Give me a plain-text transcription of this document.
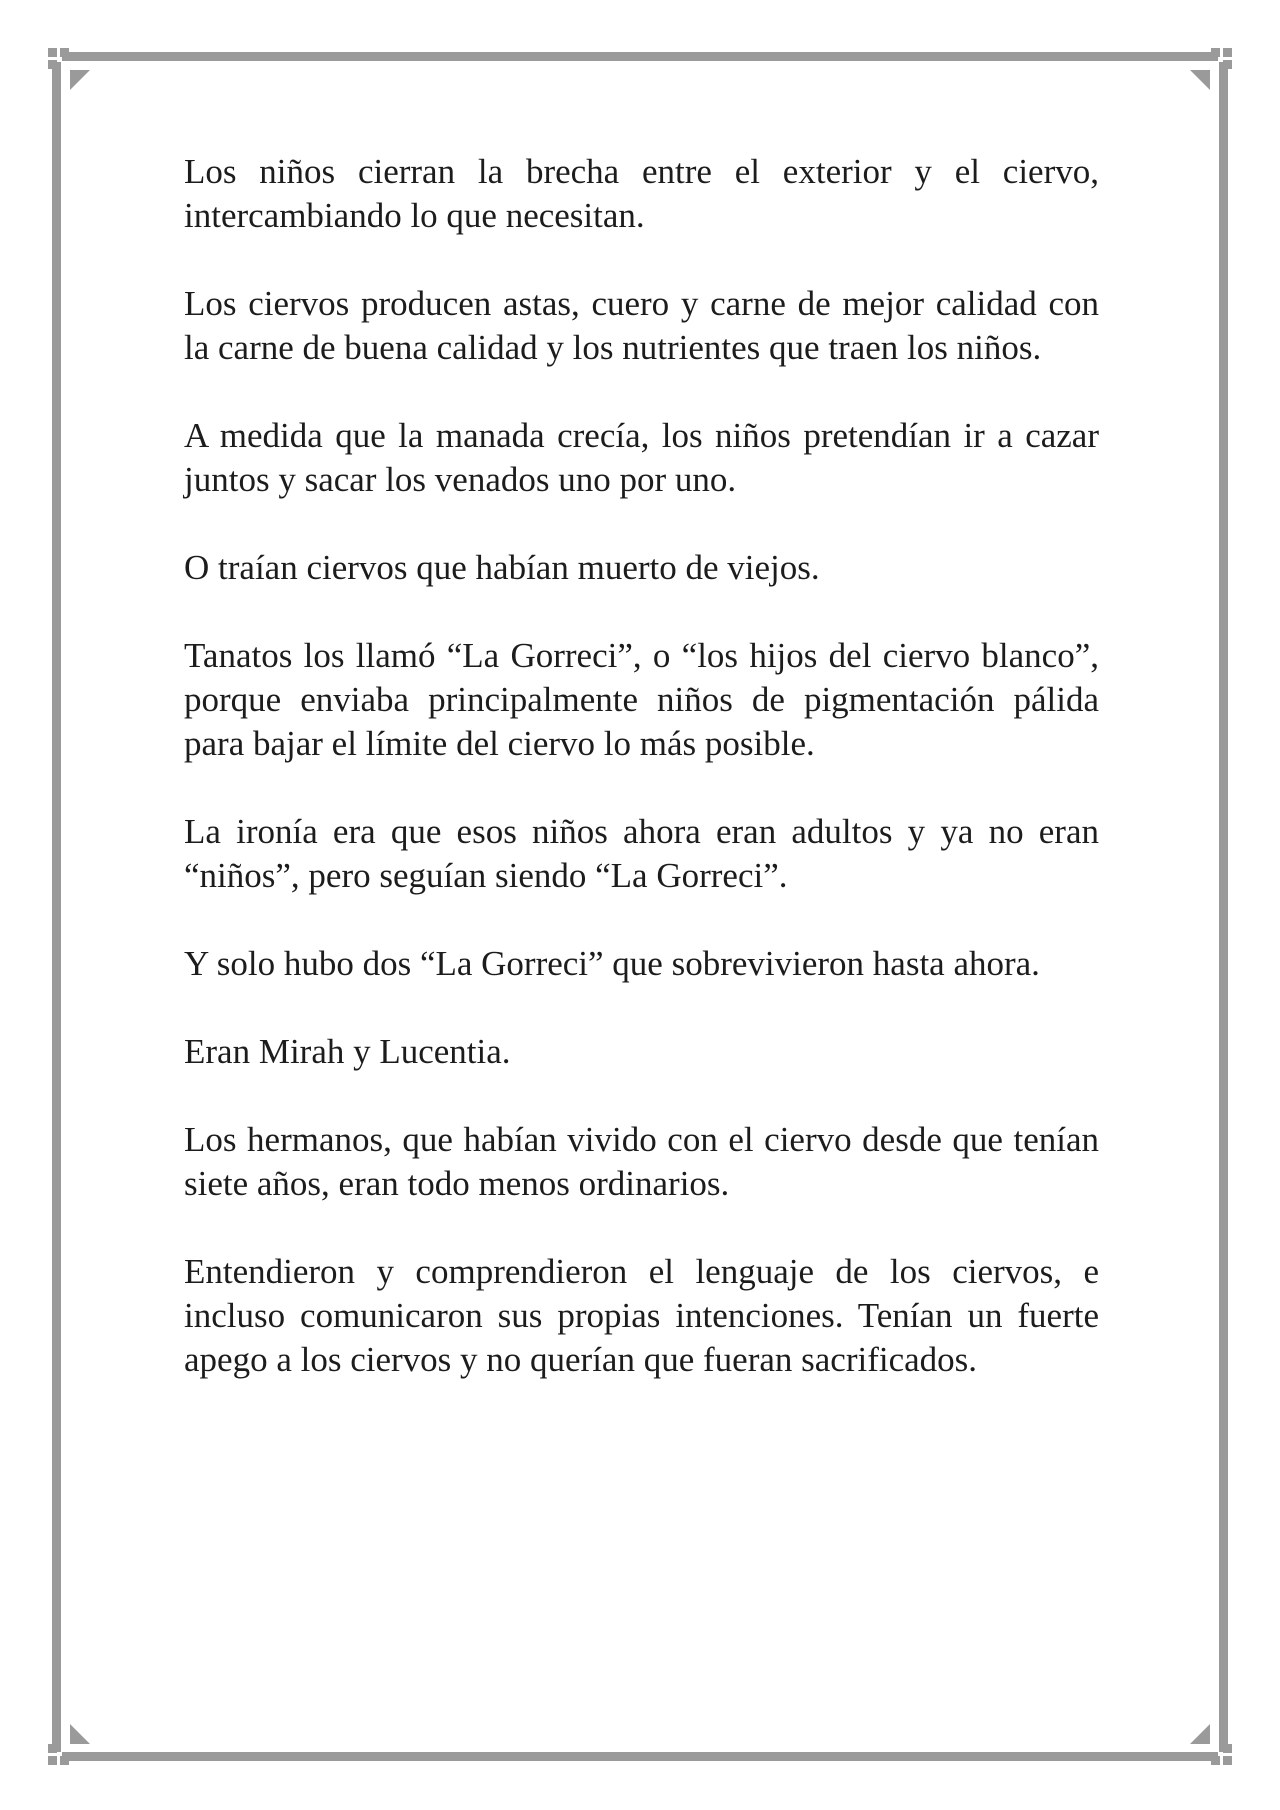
Los niños cierran la brecha entre el exterior y el ciervo, intercambiando lo que necesitan.

Los ciervos producen astas, cuero y carne de mejor calidad con la carne de buena calidad y los nutrientes que traen los niños.

A medida que la manada crecía, los niños pretendían ir a cazar juntos y sacar los venados uno por uno.

O traían ciervos que habían muerto de viejos.

Tanatos los llamó “La Gorreci”, o “los hijos del ciervo blanco”, porque enviaba principalmente niños de pigmentación pálida para bajar el límite del ciervo lo más posible.

La ironía era que esos niños ahora eran adultos y ya no eran “niños”, pero seguían siendo “La Gorreci”.

Y solo hubo dos “La Gorreci” que sobrevivieron hasta ahora.

Eran Mirah y Lucentia.

Los hermanos, que habían vivido con el ciervo desde que tenían siete años, eran todo menos ordinarios.

Entendieron y comprendieron el lenguaje de los ciervos, e incluso comunicaron sus propias intenciones. Tenían un fuerte apego a los ciervos y no querían que fueran sacrificados.
